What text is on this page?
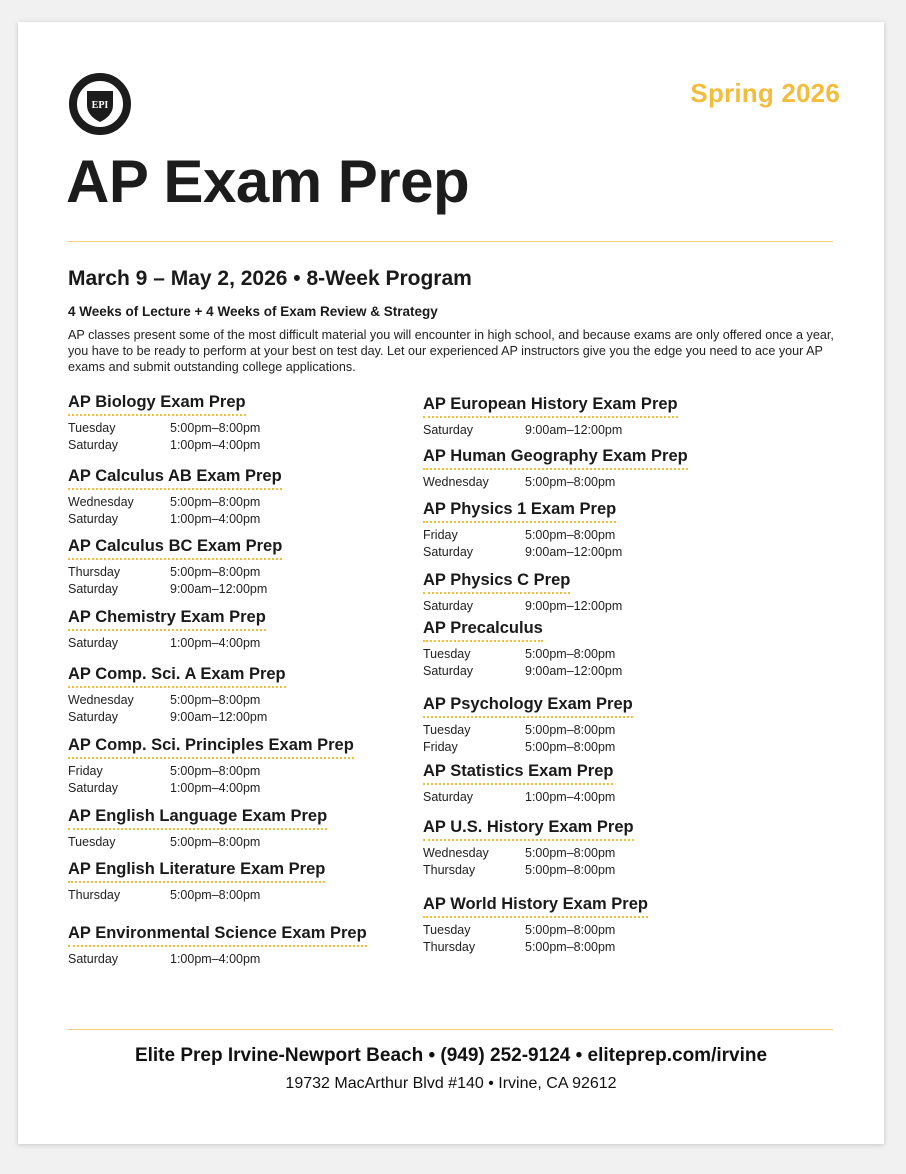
EPI	Spring 2026
AP Exam Prep
March 9 – May 2, 2026 • 8-Week Program
4 Weeks of Lecture + 4 Weeks of Exam Review & Strategy

AP classes present some of the most difficult material you will encounter in high school, and because exams are only offered once a year, you have to be ready to perform at your best on test day. Let our experienced AP instructors give you the edge you need to ace your AP exams and submit outstanding college applications.

AP Biology Exam Prep
Tuesday	5:00pm–8:00pm
Saturday	1:00pm–4:00pm
AP Calculus AB Exam Prep
Wednesday	5:00pm–8:00pm
Saturday	1:00pm–4:00pm
AP Calculus BC Exam Prep
Thursday	5:00pm–8:00pm
Saturday	9:00am–12:00pm
AP Chemistry Exam Prep
Saturday	1:00pm–4:00pm
AP Comp. Sci. A Exam Prep
Wednesday	5:00pm–8:00pm
Saturday	9:00am–12:00pm
AP Comp. Sci. Principles Exam Prep
Friday	5:00pm–8:00pm
Saturday	1:00pm–4:00pm
AP English Language Exam Prep
Tuesday	5:00pm–8:00pm
AP English Literature Exam Prep
Thursday	5:00pm–8:00pm
AP Environmental Science Exam Prep
Saturday	1:00pm–4:00pm
AP European History Exam Prep
Saturday	9:00am–12:00pm
AP Human Geography Exam Prep
Wednesday	5:00pm–8:00pm
AP Physics 1 Exam Prep
Friday	5:00pm–8:00pm
Saturday	9:00am–12:00pm
AP Physics C Prep
Saturday	9:00pm–12:00pm
AP Precalculus
Tuesday	5:00pm–8:00pm
Saturday	9:00am–12:00pm
AP Psychology Exam Prep
Tuesday	5:00pm–8:00pm
Friday	5:00pm–8:00pm
AP Statistics Exam Prep
Saturday	1:00pm–4:00pm
AP U.S. History Exam Prep
Wednesday	5:00pm–8:00pm
Thursday	5:00pm–8:00pm
AP World History Exam Prep
Tuesday	5:00pm–8:00pm
Thursday	5:00pm–8:00pm
Elite Prep Irvine-Newport Beach • (949) 252-9124 • eliteprep.com/irvine
19732 MacArthur Blvd #140 • Irvine, CA 92612
